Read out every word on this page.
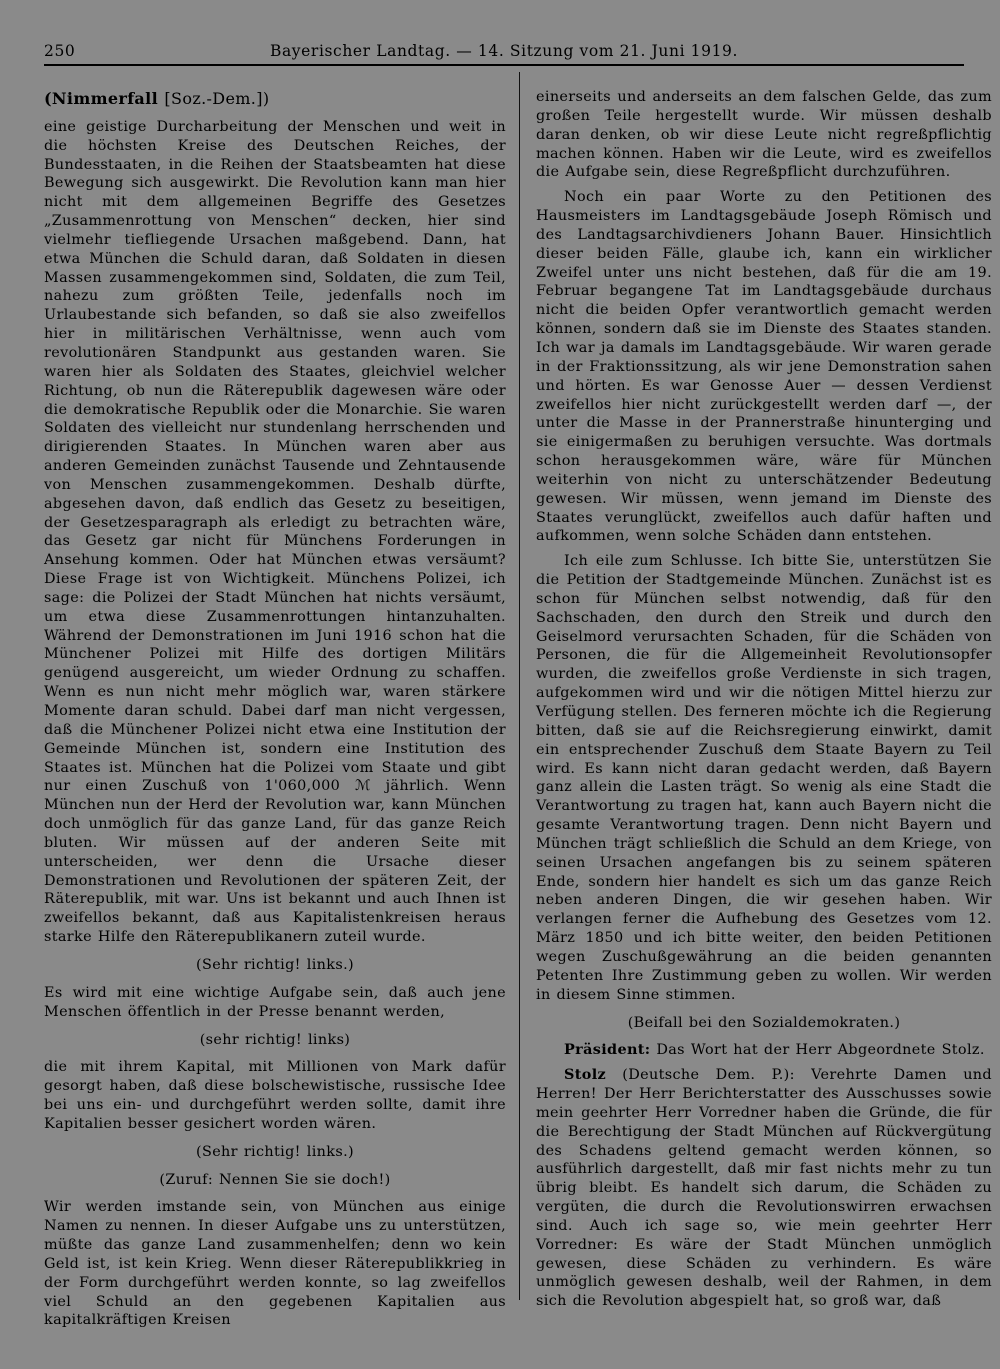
250	Bayerischer Landtag. — 14. Sitzung vom 21. Juni 1919.
(Nimmerfall [Soz.-Dem.])

eine geistige Durcharbeitung der Menschen und weit in die höchsten Kreise des Deutschen Reiches, der Bundesstaaten, in die Reihen der Staatsbeamten hat diese Bewegung sich ausgewirkt. Die Revolution kann man hier nicht mit dem allgemeinen Begriffe des Gesetzes „Zusammenrottung von Menschen“ decken, hier sind vielmehr tiefliegende Ursachen maßgebend. Dann, hat etwa München die Schuld daran, daß Soldaten in diesen Massen zusammengekommen sind, Soldaten, die zum Teil, nahezu zum größten Teile, jedenfalls noch im Urlaubestande sich befanden, so daß sie also zweifellos hier in militärischen Verhältnisse, wenn auch vom revolutionären Standpunkt aus gestanden waren. Sie waren hier als Soldaten des Staates, gleichviel welcher Richtung, ob nun die Räterepublik dagewesen wäre oder die demokratische Republik oder die Monarchie. Sie waren Soldaten des vielleicht nur stundenlang herrschenden und dirigierenden Staates. In München waren aber aus anderen Gemeinden zunächst Tausende und Zehntausende von Menschen zusammengekommen. Deshalb dürfte, abgesehen davon, daß endlich das Gesetz zu beseitigen, der Gesetzesparagraph als erledigt zu betrachten wäre, das Gesetz gar nicht für Münchens Forderungen in Ansehung kommen. Oder hat München etwas versäumt? Diese Frage ist von Wichtigkeit. Münchens Polizei, ich sage: die Polizei der Stadt München hat nichts versäumt, um etwa diese Zusammenrottungen hintanzuhalten. Während der Demonstrationen im Juni 1916 schon hat die Münchener Polizei mit Hilfe des dortigen Militärs genügend ausgereicht, um wieder Ordnung zu schaffen. Wenn es nun nicht mehr möglich war, waren stärkere Momente daran schuld. Dabei darf man nicht vergessen, daß die Münchener Polizei nicht etwa eine Institution der Gemeinde München ist, sondern eine Institution des Staates ist. München hat die Polizei vom Staate und gibt nur einen Zuschuß von 1'060,000 ℳ jährlich. Wenn München nun der Herd der Revolution war, kann München doch unmöglich für das ganze Land, für das ganze Reich bluten. Wir müssen auf der anderen Seite mit unterscheiden, wer denn die Ursache dieser Demonstrationen und Revolutionen der späteren Zeit, der Räterepublik, mit war. Uns ist bekannt und auch Ihnen ist zweifellos bekannt, daß aus Kapitalistenkreisen heraus starke Hilfe den Räterepublikanern zuteil wurde.

(Sehr richtig! links.)

Es wird mit eine wichtige Aufgabe sein, daß auch jene Menschen öffentlich in der Presse benannt werden,

(sehr richtig! links)

die mit ihrem Kapital, mit Millionen von Mark dafür gesorgt haben, daß diese bolschewistische, russische Idee bei uns ein- und durchgeführt werden sollte, damit ihre Kapitalien besser gesichert worden wären.

(Sehr richtig! links.)

(Zuruf: Nennen Sie sie doch!)

Wir werden imstande sein, von München aus einige Namen zu nennen. In dieser Aufgabe uns zu unterstützen, müßte das ganze Land zusammenhelfen; denn wo kein Geld ist, ist kein Krieg. Wenn dieser Räterepublikkrieg in der Form durchgeführt werden konnte, so lag zweifellos viel Schuld an den gegebenen Kapitalien aus kapitalkräftigen Kreisen

einerseits und anderseits an dem falschen Gelde, das zum großen Teile hergestellt wurde. Wir müssen deshalb daran denken, ob wir diese Leute nicht regreßpflichtig machen können. Haben wir die Leute, wird es zweifellos die Aufgabe sein, diese Regreßpflicht durchzuführen.

Noch ein paar Worte zu den Petitionen des Hausmeisters im Landtagsgebäude Joseph Römisch und des Landtagsarchivdieners Johann Bauer. Hinsichtlich dieser beiden Fälle, glaube ich, kann ein wirklicher Zweifel unter uns nicht bestehen, daß für die am 19. Februar begangene Tat im Landtagsgebäude durchaus nicht die beiden Opfer verantwortlich gemacht werden können, sondern daß sie im Dienste des Staates standen. Ich war ja damals im Landtagsgebäude. Wir waren gerade in der Fraktionssitzung, als wir jene Demonstration sahen und hörten. Es war Genosse Auer — dessen Verdienst zweifellos hier nicht zurückgestellt werden darf —, der unter die Masse in der Prannerstraße hinunterging und sie einigermaßen zu beruhigen versuchte. Was dortmals schon herausgekommen wäre, wäre für München weiterhin von nicht zu unterschätzender Bedeutung gewesen. Wir müssen, wenn jemand im Dienste des Staates verunglückt, zweifellos auch dafür haften und aufkommen, wenn solche Schäden dann entstehen.

Ich eile zum Schlusse. Ich bitte Sie, unterstützen Sie die Petition der Stadtgemeinde München. Zunächst ist es schon für München selbst notwendig, daß für den Sachschaden, den durch den Streik und durch den Geiselmord verursachten Schaden, für die Schäden von Personen, die für die Allgemeinheit Revolutionsopfer wurden, die zweifellos große Verdienste in sich tragen, aufgekommen wird und wir die nötigen Mittel hierzu zur Verfügung stellen. Des ferneren möchte ich die Regierung bitten, daß sie auf die Reichsregierung einwirkt, damit ein entsprechender Zuschuß dem Staate Bayern zu Teil wird. Es kann nicht daran gedacht werden, daß Bayern ganz allein die Lasten trägt. So wenig als eine Stadt die Verantwortung zu tragen hat, kann auch Bayern nicht die gesamte Verantwortung tragen. Denn nicht Bayern und München trägt schließlich die Schuld an dem Kriege, von seinen Ursachen angefangen bis zu seinem späteren Ende, sondern hier handelt es sich um das ganze Reich neben anderen Dingen, die wir gesehen haben. Wir verlangen ferner die Aufhebung des Gesetzes vom 12. März 1850 und ich bitte weiter, den beiden Petitionen wegen Zuschußgewährung an die beiden genannten Petenten Ihre Zustimmung geben zu wollen. Wir werden in diesem Sinne stimmen.

(Beifall bei den Sozialdemokraten.)

Präsident: Das Wort hat der Herr Abgeordnete Stolz.

Stolz (Deutsche Dem. P.): Verehrte Damen und Herren! Der Herr Berichterstatter des Ausschusses sowie mein geehrter Herr Vorredner haben die Gründe, die für die Berechtigung der Stadt München auf Rückvergütung des Schadens geltend gemacht werden können, so ausführlich dargestellt, daß mir fast nichts mehr zu tun übrig bleibt. Es handelt sich darum, die Schäden zu vergüten, die durch die Revolutionswirren erwachsen sind. Auch ich sage so, wie mein geehrter Herr Vorredner: Es wäre der Stadt München unmöglich gewesen, diese Schäden zu verhindern. Es wäre unmöglich gewesen deshalb, weil der Rahmen, in dem sich die Revolution abgespielt hat, so groß war, daß
